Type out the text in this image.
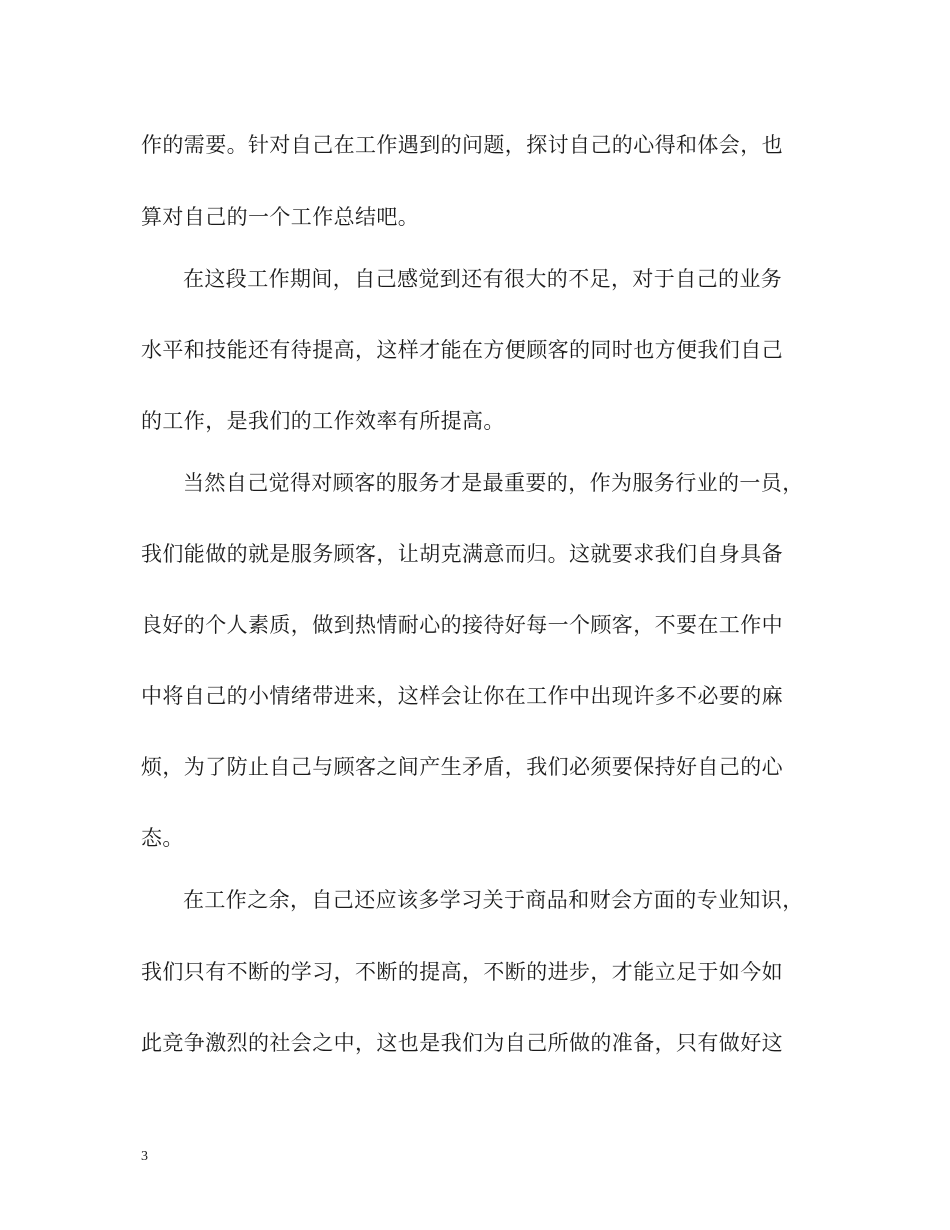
作的需要。针对自己在工作遇到的问题，探讨自己的心得和体会，也
算对自己的一个工作总结吧。
在这段工作期间，自己感觉到还有很大的不足，对于自己的业务
水平和技能还有待提高，这样才能在方便顾客的同时也方便我们自己
的工作，是我们的工作效率有所提高。
当然自己觉得对顾客的服务才是最重要的，作为服务行业的一员，
我们能做的就是服务顾客，让胡克满意而归。这就要求我们自身具备
良好的个人素质，做到热情耐心的接待好每一个顾客，不要在工作中
中将自己的小情绪带进来，这样会让你在工作中出现许多不必要的麻
烦，为了防止自己与顾客之间产生矛盾，我们必须要保持好自己的心
态。
在工作之余，自己还应该多学习关于商品和财会方面的专业知识，
我们只有不断的学习，不断的提高，不断的进步，才能立足于如今如
此竞争激烈的社会之中，这也是我们为自己所做的准备，只有做好这
3
